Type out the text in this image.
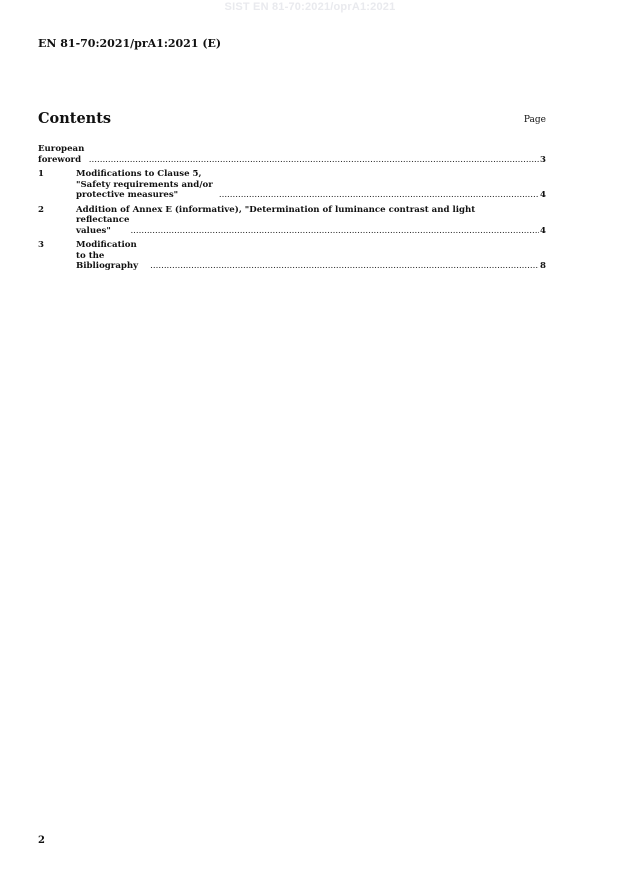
SIST EN 81-70:2021/oprA1:2021
EN 81-70:2021/prA1:2021 (E)
Contents	Page
European foreword .....	3
1	Modifications to Clause 5, "Safety requirements and/or protective measures" .....	4
2	Addition of Annex E (informative), "Determination of luminance contrast and light
reflectance values" .....	4
3	Modification to the Bibliography .....	8
2
